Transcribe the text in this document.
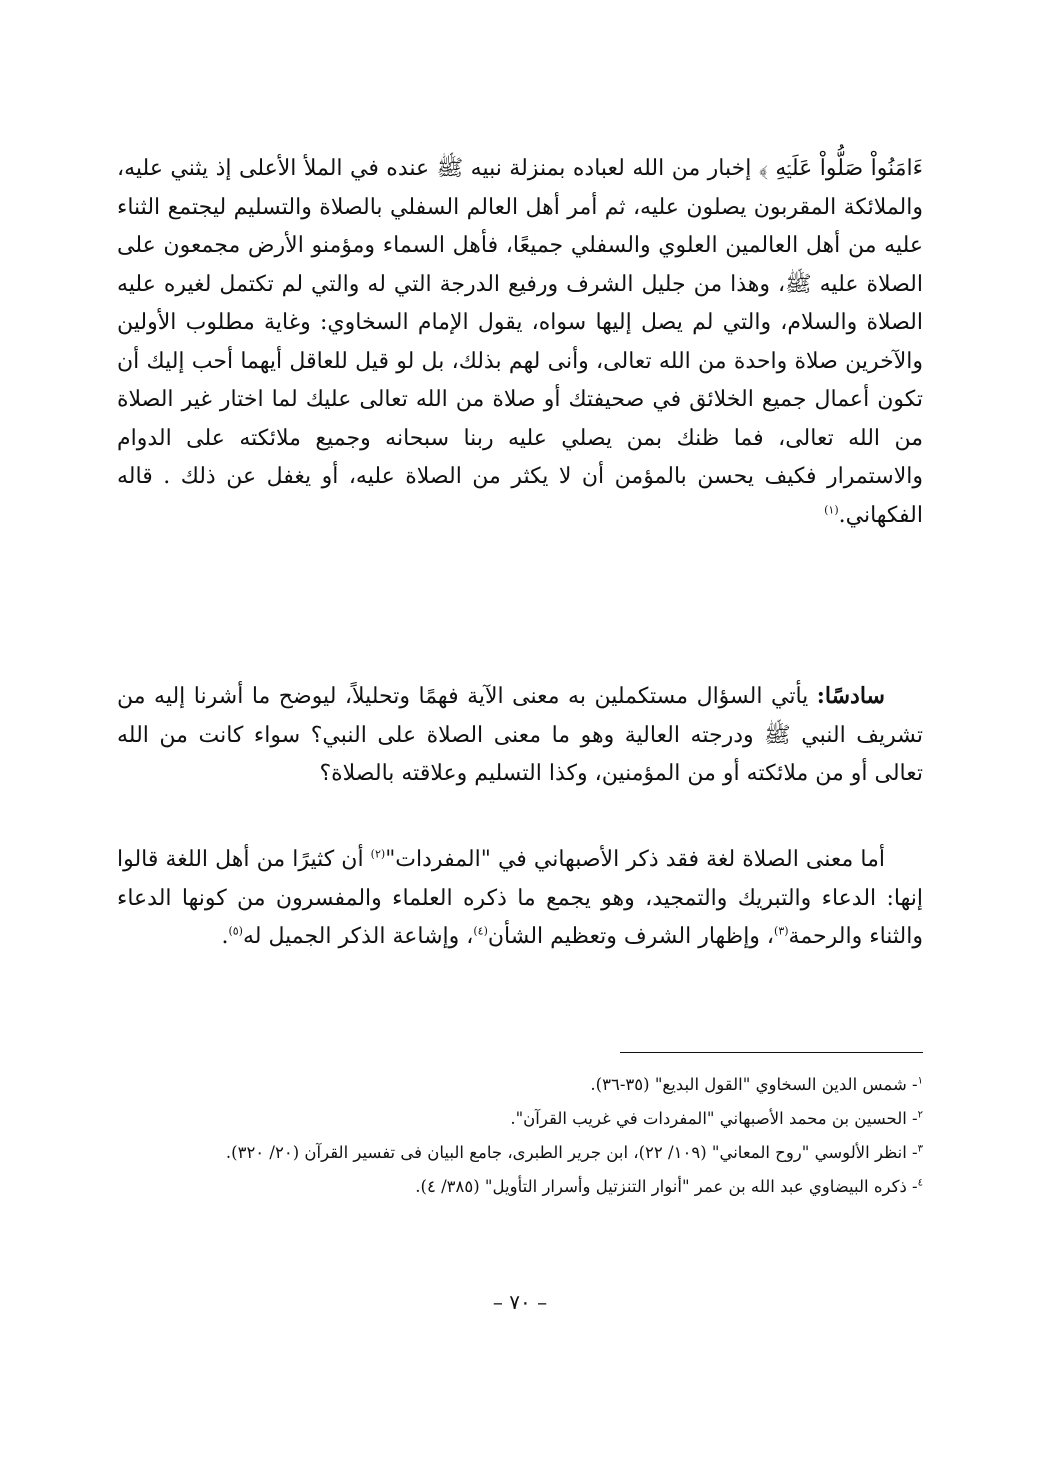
ءَامَنُواْ صَلُّواْ عَلَيۡهِ ﴾ إخبار من الله لعباده بمنزلة نبيه ﷺ عنده في الملأ الأعلى إذ يثني عليه، والملائكة المقربون يصلون عليه، ثم أمر أهل العالم السفلي بالصلاة والتسليم ليجتمع الثناء عليه من أهل العالمين العلوي والسفلي جميعًا، فأهل السماء ومؤمنو الأرض مجمعون على الصلاة عليه ﷺ، وهذا من جليل الشرف ورفيع الدرجة التي له والتي لم تكتمل لغيره عليه الصلاة والسلام، والتي لم يصل إليها سواه، يقول الإمام السخاوي: وغاية مطلوب الأولين والآخرين صلاة واحدة من الله تعالى، وأنى لهم بذلك، بل لو قيل للعاقل أيهما أحب إليك أن تكون أعمال جميع الخلائق في صحيفتك أو صلاة من الله تعالى عليك لما اختار غير الصلاة من الله تعالى، فما ظنك بمن يصلي عليه ربنا سبحانه وجميع ملائكته على الدوام والاستمرار فكيف يحسن بالمؤمن أن لا يكثر من الصلاة عليه، أو يغفل عن ذلك . قاله الفكهاني.$^{(١)}$

سادسًا: يأتي السؤال مستكملين به معنى الآية فهمًا وتحليلاً، ليوضح ما أشرنا إليه من تشريف النبي ﷺ ودرجته العالية وهو ما معنى الصلاة على النبي؟ سواء كانت من الله تعالى أو من ملائكته أو من المؤمنين، وكذا التسليم وعلاقته بالصلاة؟

أما معنى الصلاة لغة فقد ذكر الأصبهاني في "المفردات"$^{(٢)}$ أن كثيرًا من أهل اللغة قالوا إنها: الدعاء والتبريك والتمجيد، وهو يجمع ما ذكره العلماء والمفسرون من كونها الدعاء والثناء والرحمة$^{(٣)}$، وإظهار الشرف وتعظيم الشأن$^{(٤)}$، وإشاعة الذكر الجميل له$^{(٥)}$.

$^١$- شمس الدين السخاوي "القول البديع" (٣٥-٣٦).
$^٢$- الحسين بن محمد الأصبهاني "المفردات في غريب القرآن".
$^٣$- انظر الألوسي "روح المعاني" (١٠٩/ ٢٢)، ابن جرير الطبرى، جامع البيان فى تفسير القرآن (٢٠/ ٣٢٠).
$^٤$- ذكره البيضاوي عبد الله بن عمر "أنوار التنزتيل وأسرار التأويل" (٣٨٥/ ٤).
– ٧٠ –
